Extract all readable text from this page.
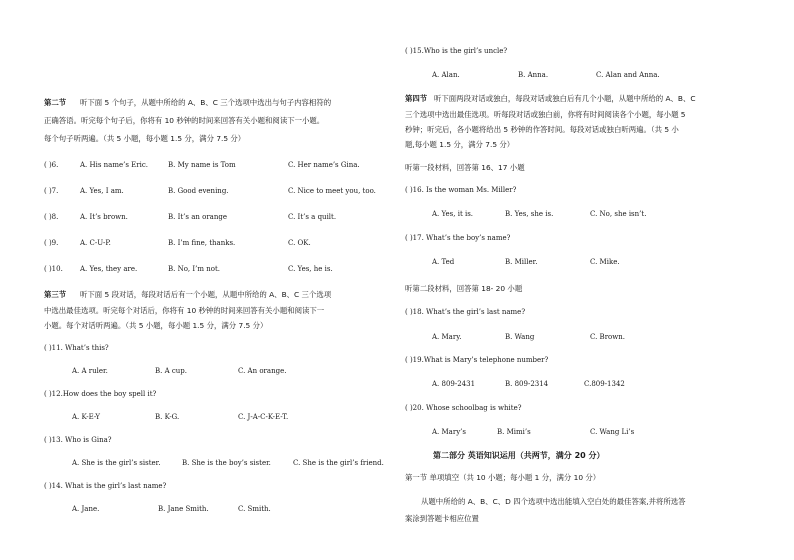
第二节 听下面 5 个句子，从题中所给的 A、B、C 三个选项中选出与句子内容相符的
正确答语。听完每个句子后，你将有 10 秒钟的时间来回答有关小题和阅读下一小题。
每个句子听两遍。（共 5 小题，每小题 1.5 分，满分 7.5 分）
( )6.	A. His name’s Eric.	B. My name is Tom	C. Her name’s Gina.
( )7.	A. Yes, I am.	B. Good evening.	C. Nice to meet you, too.
( )8.	A. It’s brown.	B. It’s an orange	C. It’s a quilt.
( )9.	A. C-U-P.	B. I’m fine, thanks.	C. OK.
( )10. A. Yes, they are.	B. No, I’m not.	C. Yes, he is.
第三节 听下面 5 段对话，每段对话后有一个小题，从题中所给的 A、B、C 三个选项
中选出最佳选项。听完每个对话后，你将有 10 秒钟的时间来回答有关小题和阅读下一
小题。每个对话听两遍。（共 5 小题，每小题 1.5 分，满分 7.5 分）
( )11. What’s this?
A. A ruler.	B. A cup.	C. An orange.
( )12.How does the boy spell it?
A. K-E-Y	B. K-G.	C. J-A-C-K-E-T.
( )13. Who is Gina?
A. She is the girl’s sister.	B. She is the boy’s sister.	C. She is the girl’s friend.
( )14. What is the girl’s last name?
A. Jane.	B. Jane Smith.	C. Smith.
( )15.Who is the girl’s uncle?
A. Alan.	B. Anna.	C. Alan and Anna.
第四节 听下面两段对话或独白，每段对话或独白后有几个小题，从题中所给的 A、B、C
三个选项中选出最佳选项。听每段对话或独白前，你将有时间阅读各个小题，每小题 5
秒钟；听完后，各小题将给出 5 秒钟的作答时间。每段对话或独白听两遍。（共 5 小
题,每小题 1.5 分，满分 7.5 分）
听第一段材料，回答第 16、17 小题
( )16. Is the woman Ms. Miller?
A. Yes, it is.	B. Yes, she is.	C. No, she isn’t.
( )17. What’s the boy’s name?
A. Ted	B. Miller.	C. Mike.
听第二段材料，回答第 18- 20 小题
( )18. What’s the girl’s last name?
A. Mary.	B. Wang	C. Brown.
( )19.What is Mary’s telephone number?
A. 809-2431	B. 809-2314	C.809-1342
( )20. Whose schoolbag is white?
A. Mary’s	B. Mimi’s	C. Wang Li’s
第二部分 英语知识运用（共两节，满分 20 分）
第一节 单项填空（共 10 小题；每小题 1 分，满分 10 分）
从题中所给的 A、B、C、D 四个选项中选出能填入空白处的最佳答案,并将所选答
案涂到答题卡相应位置
